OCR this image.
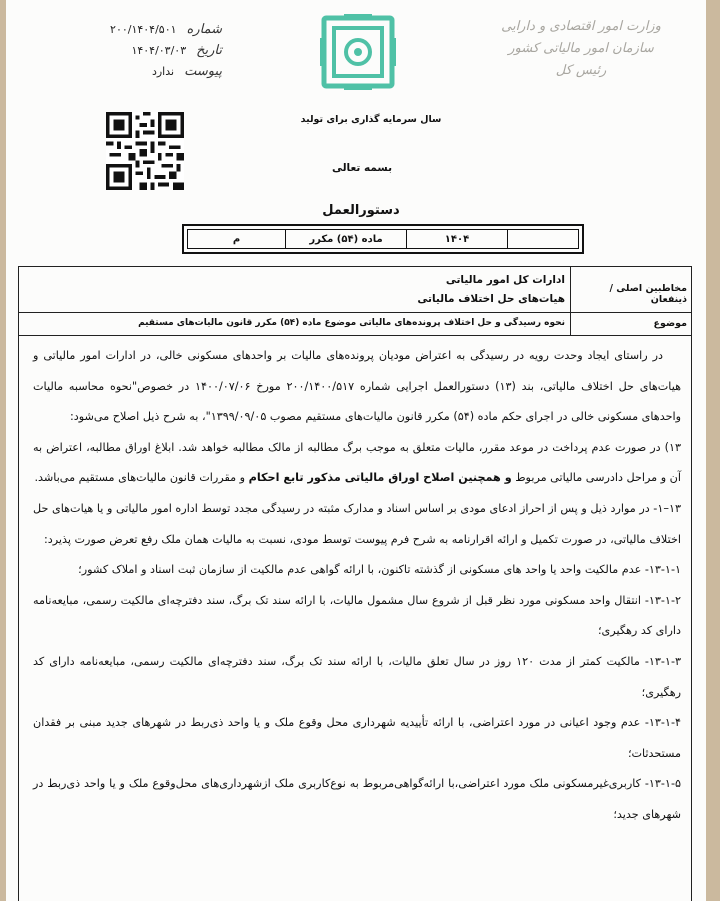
وزارت امور اقتصادی و دارایی
سازمان امور مالیاتی کشور
رئیس کل
شماره
۲۰۰/۱۴۰۴/۵۰۱
تاریخ
۱۴۰۴/۰۳/۰۳
پیوست
ندارد
سال سرمایه گذاری برای تولید
بسمه تعالی
دستورالعمل
۱۴۰۴
ماده (۵۴) مکرر
م
مخاطبین اصلی / ذینفعان
ادارات کل امور مالیاتی
هیات‌های حل اختلاف مالیاتی
موضوع
نحوه رسیدگی و حل اختلاف پرونده‌های مالیاتی موضوع ماده (۵۴) مکرر قانون مالیات‌های مستقیم

در راستای ایجاد وحدت رویه در رسیدگی به اعتراض مودیان پرونده‌های مالیات بر واحدهای مسکونی خالی، در ادارات امور مالیاتی و هیات‌های حل اختلاف مالیاتی، بند (۱۳) دستورالعمل اجرایی شماره ۲۰۰/۱۴۰۰/۵۱۷ مورخ ۱۴۰۰/۰۷/۰۶ در خصوص"نحوه محاسبه مالیات واحدهای مسکونی خالی در اجرای حکم ماده (۵۴) مکرر قانون مالیات‌های مستقیم مصوب ۱۳۹۹/۰۹/۰۵"، به شرح ذیل اصلاح می‌شود:

۱۳) در صورت عدم پرداخت در موعد مقرر، مالیات متعلق به موجب برگ مطالبه از مالک مطالبه خواهد شد. ابلاغ اوراق مطالبه، اعتراض به آن و مراحل دادرسی مالیاتی مربوط و همچنین اصلاح اوراق مالیاتی مذکور تابع احکام و مقررات قانون مالیات‌های مستقیم می‌باشد.

۱۳–۱- در موارد ذیل و پس از احراز ادعای مودی بر اساس اسناد و مدارک مثبته در رسیدگی مجدد توسط اداره امور مالیاتی و یا هیات‌های حل اختلاف مالیاتی، در صورت تکمیل و ارائه اقرارنامه به شرح فرم پیوست توسط مودی، نسبت به مالیات همان ملک رفع تعرض صورت پذیرد:

۱۳-۱-۱- عدم مالکیت واحد یا واحد های مسکونی از گذشته تاکنون، با ارائه گواهی عدم مالکیت از سازمان ثبت اسناد و املاک کشور؛

۱۳-۱-۲- انتقال واحد مسکونی مورد نظر قبل از شروع سال مشمول مالیات، با ارائه سند تک برگ، سند دفترچه‌ای مالکیت رسمی، مبایعه‌نامه دارای کد رهگیری؛

۱۳-۱-۳- مالکیت کمتر از مدت ۱۲۰ روز در سال تعلق مالیات، با ارائه سند تک برگ، سند دفترچه‌ای مالکیت رسمی، مبایعه‌نامه دارای کد رهگیری؛

۱۳-۱-۴- عدم وجود اعیانی در مورد اعتراضی، با ارائه تأییدیه شهرداری محل وقوع ملک و یا واحد ذی‌ربط در شهرهای جدید مبنی بر فقدان مستحدثات؛

۱۳-۱-۵- کاربری‌غیرمسکونی ملک مورد اعتراضی،با ارائه‌گواهی‌مربوط به نوع‌کاربری ملک ازشهرداری‌های محل‌وقوع ملک و یا واحد ذی‌ربط در شهرهای جدید؛
